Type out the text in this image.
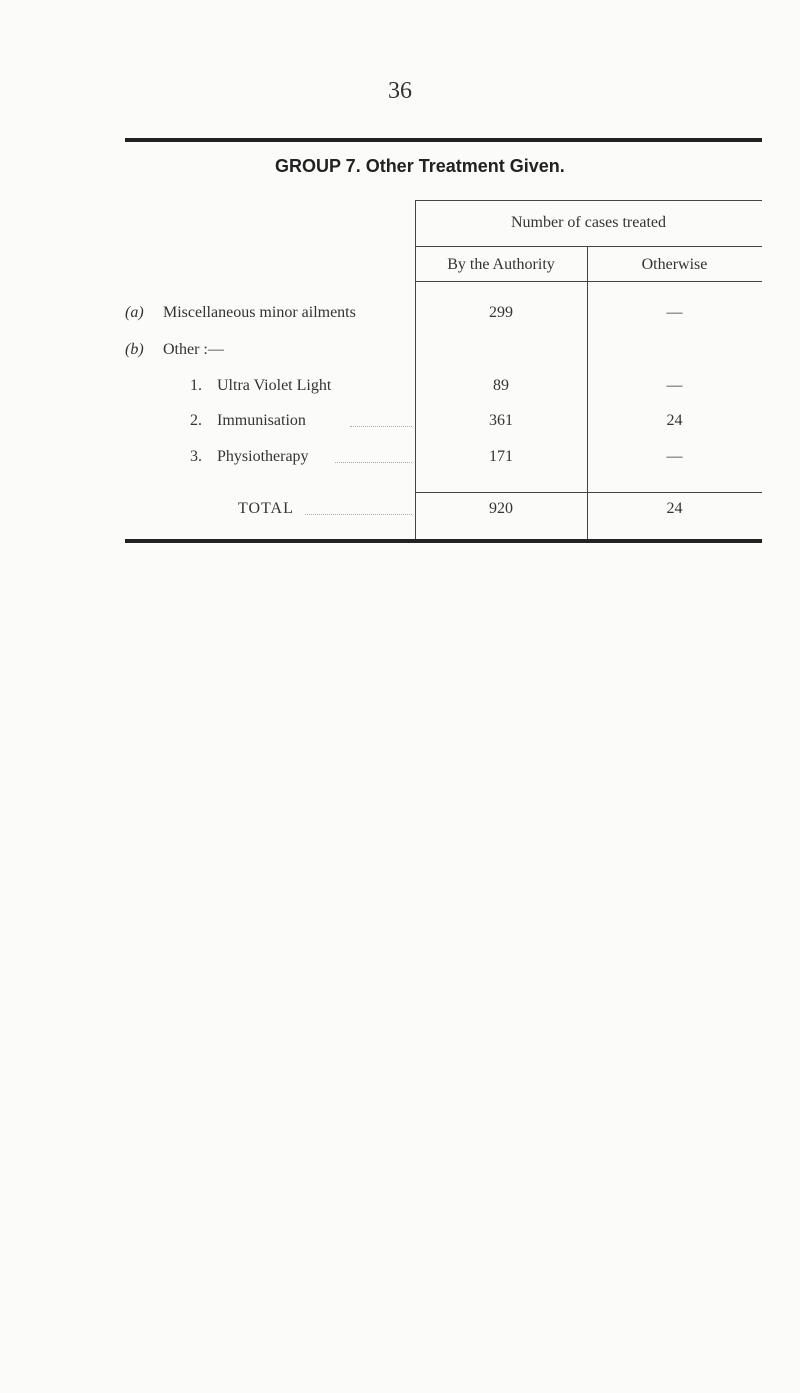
36
GROUP 7. Other Treatment Given.
Number of cases treated
By the Authority	Otherwise
(a) Miscellaneous minor ailments	299	—
(b) Other :—
1. Ultra Violet Light	89	—
2. Immunisation	361	24
3. Physiotherapy	171	—
TOTAL	920	24
